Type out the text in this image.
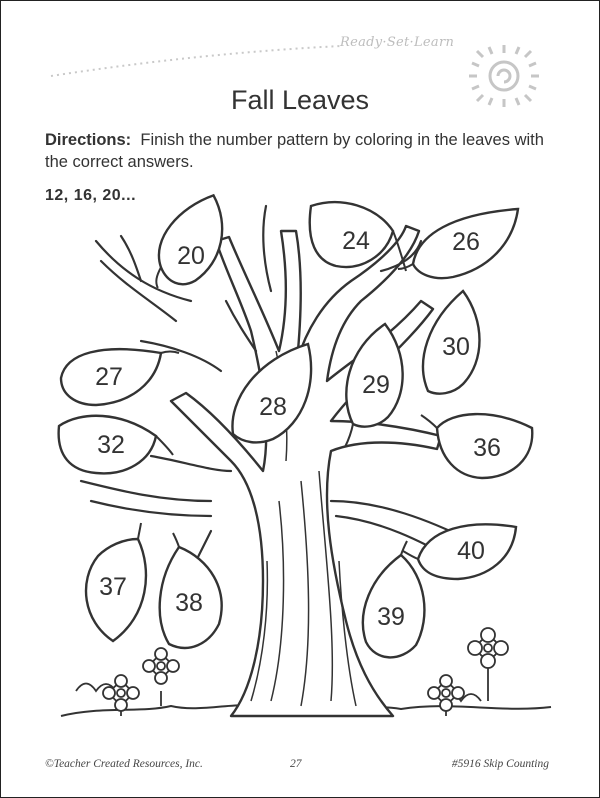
20
24	26
27
30
28
29
32	36
40
37
38	39
Ready·Set·Learn
Fall Leaves
Directions: Finish the number pattern by coloring in the leaves with the correct answers.
12, 16, 20...
©Teacher Created Resources, Inc.	27	#5916 Skip Counting
